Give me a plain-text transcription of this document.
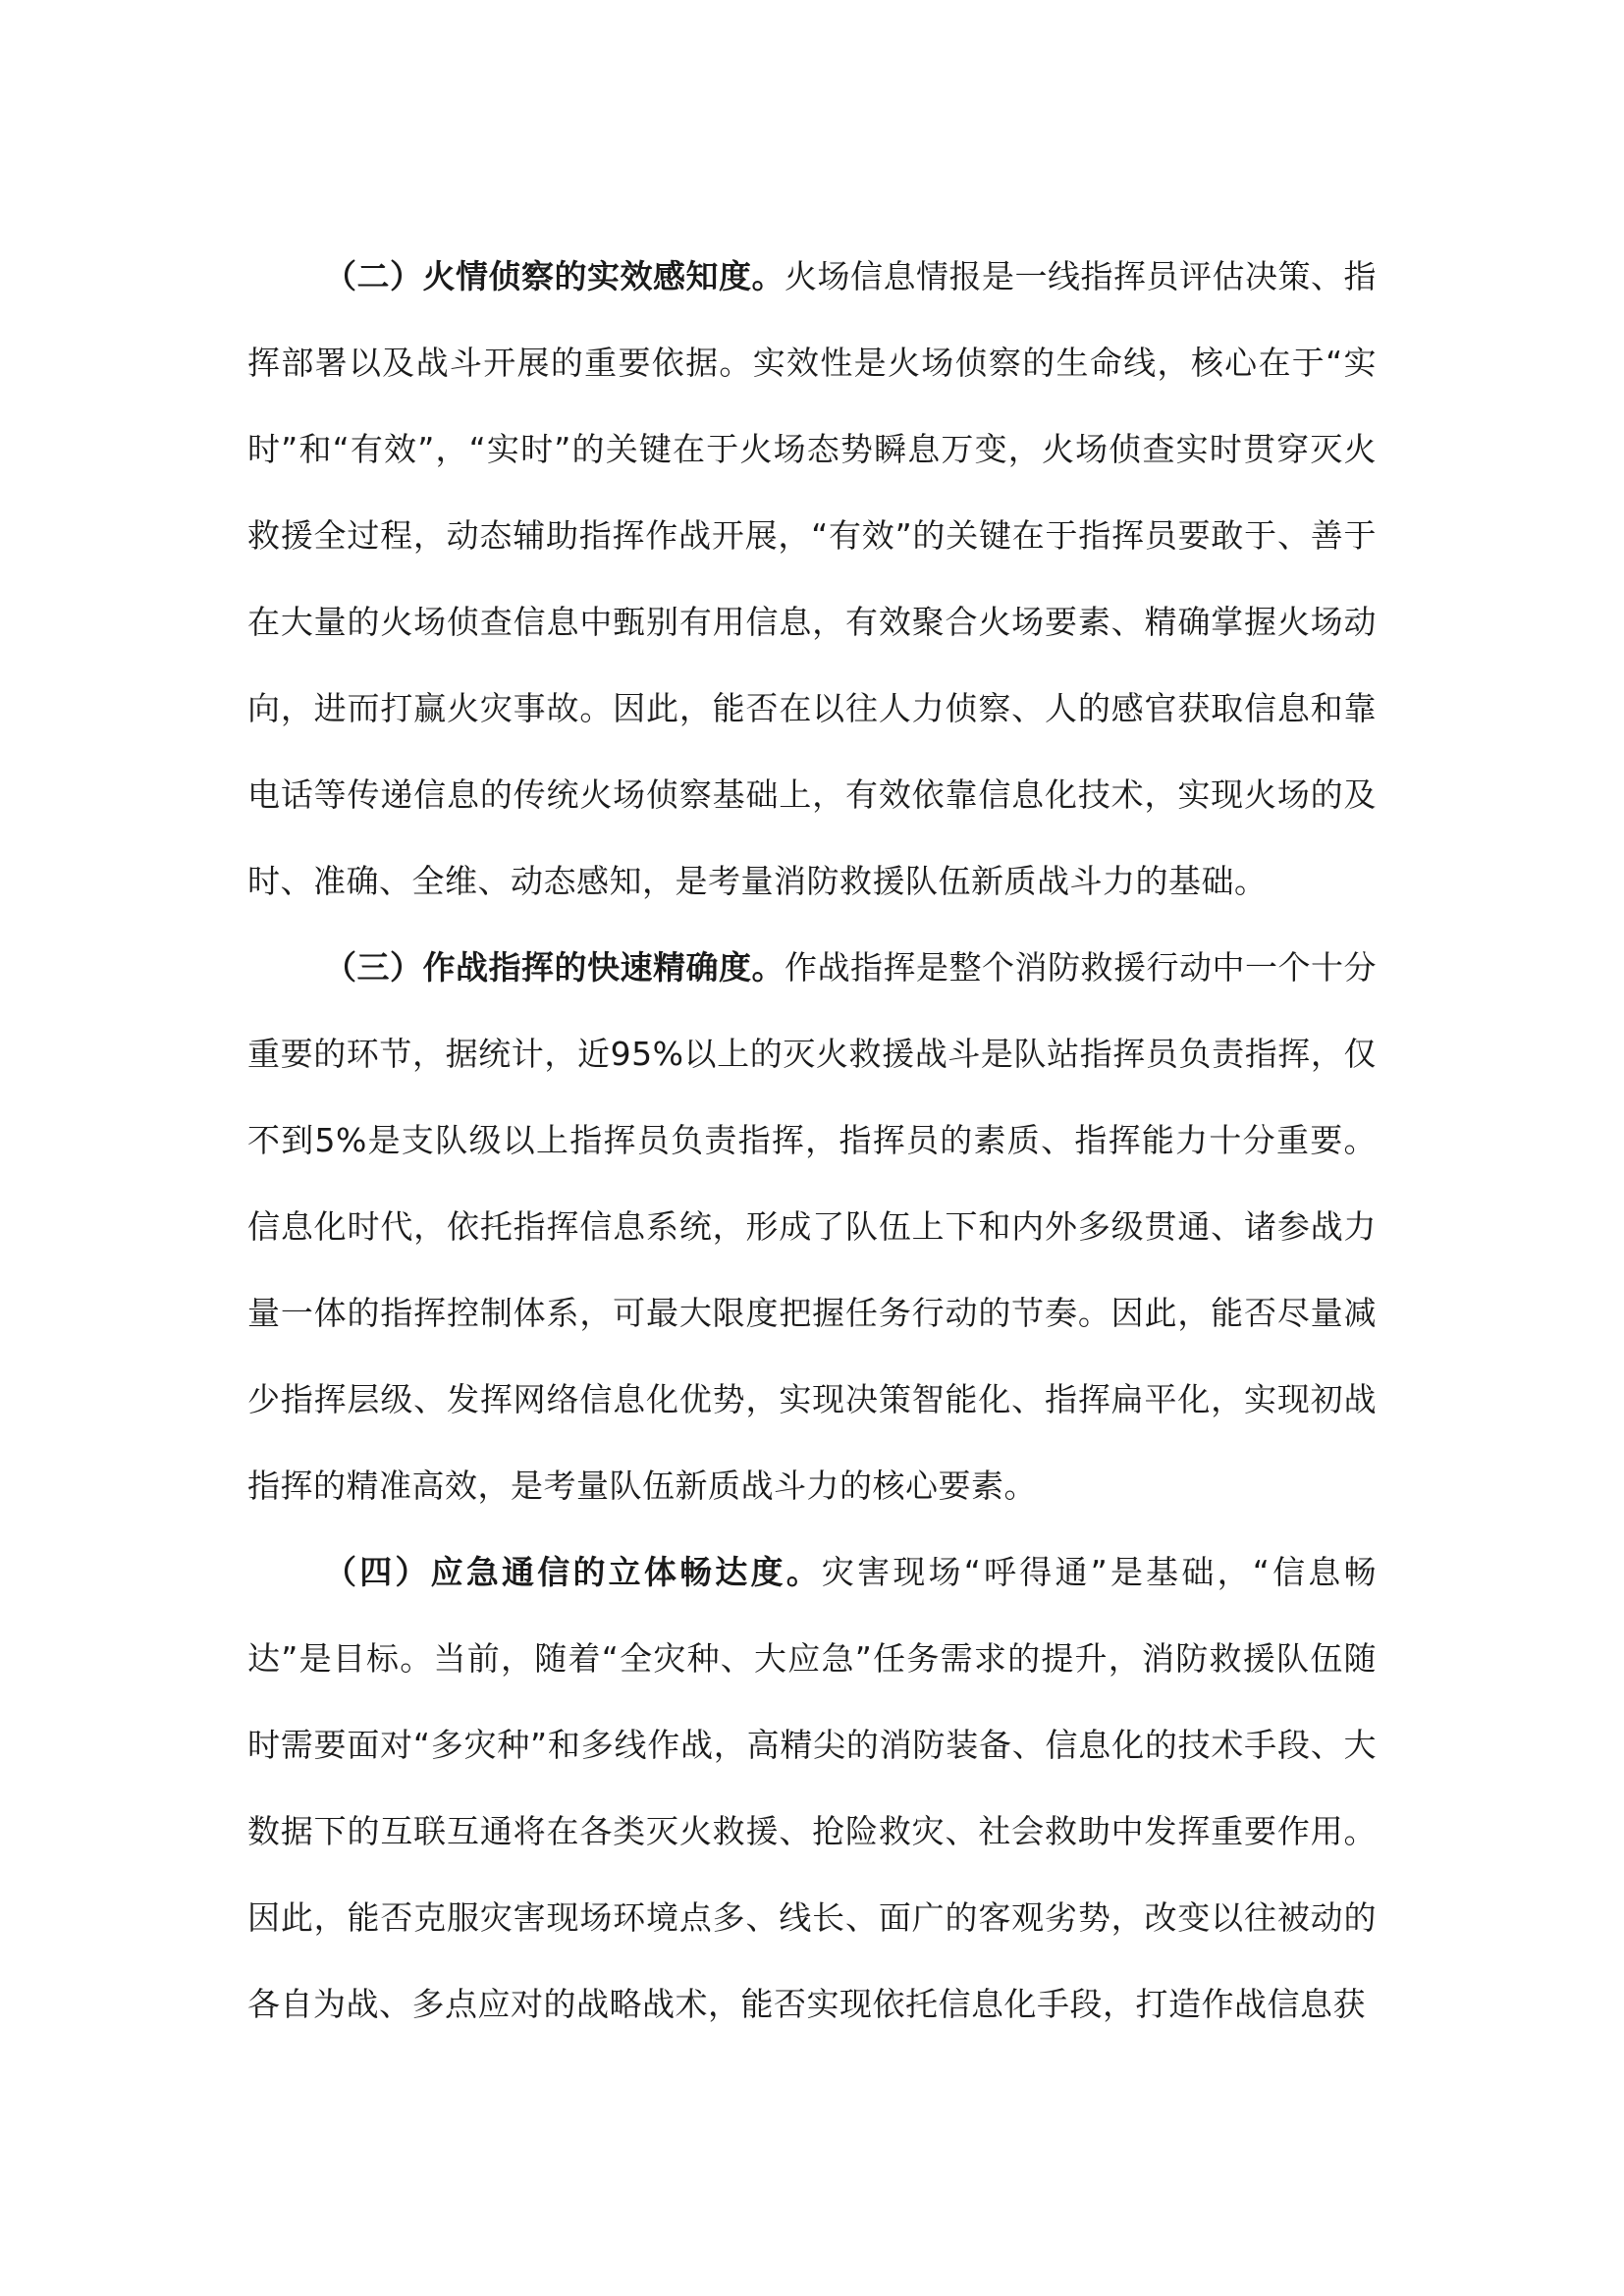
（二）火情侦察的实效感知度。火场信息情报是一线指挥员评估决策、指挥部署以及战斗开展的重要依据。实效性是火场侦察的生命线，核心在于“实时”和“有效”，“实时”的关键在于火场态势瞬息万变，火场侦查实时贯穿灭火救援全过程，动态辅助指挥作战开展，“有效”的关键在于指挥员要敢于、善于在大量的火场侦查信息中甄别有用信息，有效聚合火场要素、精确掌握火场动向，进而打赢火灾事故。因此，能否在以往人力侦察、人的感官获取信息和靠电话等传递信息的传统火场侦察基础上，有效依靠信息化技术，实现火场的及时、准确、全维、动态感知，是考量消防救援队伍新质战斗力的基础。

（三）作战指挥的快速精确度。作战指挥是整个消防救援行动中一个十分重要的环节，据统计，近95%以上的灭火救援战斗是队站指挥员负责指挥，仅不到5%是支队级以上指挥员负责指挥，指挥员的素质、指挥能力十分重要。信息化时代，依托指挥信息系统，形成了队伍上下和内外多级贯通、诸参战力量一体的指挥控制体系，可最大限度把握任务行动的节奏。因此，能否尽量减少指挥层级、发挥网络信息化优势，实现决策智能化、指挥扁平化，实现初战指挥的精准高效，是考量队伍新质战斗力的核心要素。

（四）应急通信的立体畅达度。灾害现场“呼得通”是基础，“信息畅达”是目标。当前，随着“全灾种、大应急”任务需求的提升，消防救援队伍随时需要面对“多灾种”和多线作战，高精尖的消防装备、信息化的技术手段、大数据下的互联互通将在各类灭火救援、抢险救灾、社会救助中发挥重要作用。因此，能否克服灾害现场环境点多、线长、面广的客观劣势，改变以往被动的各自为战、多点应对的战略战术，能否实现依托信息化手段，打造作战信息获
